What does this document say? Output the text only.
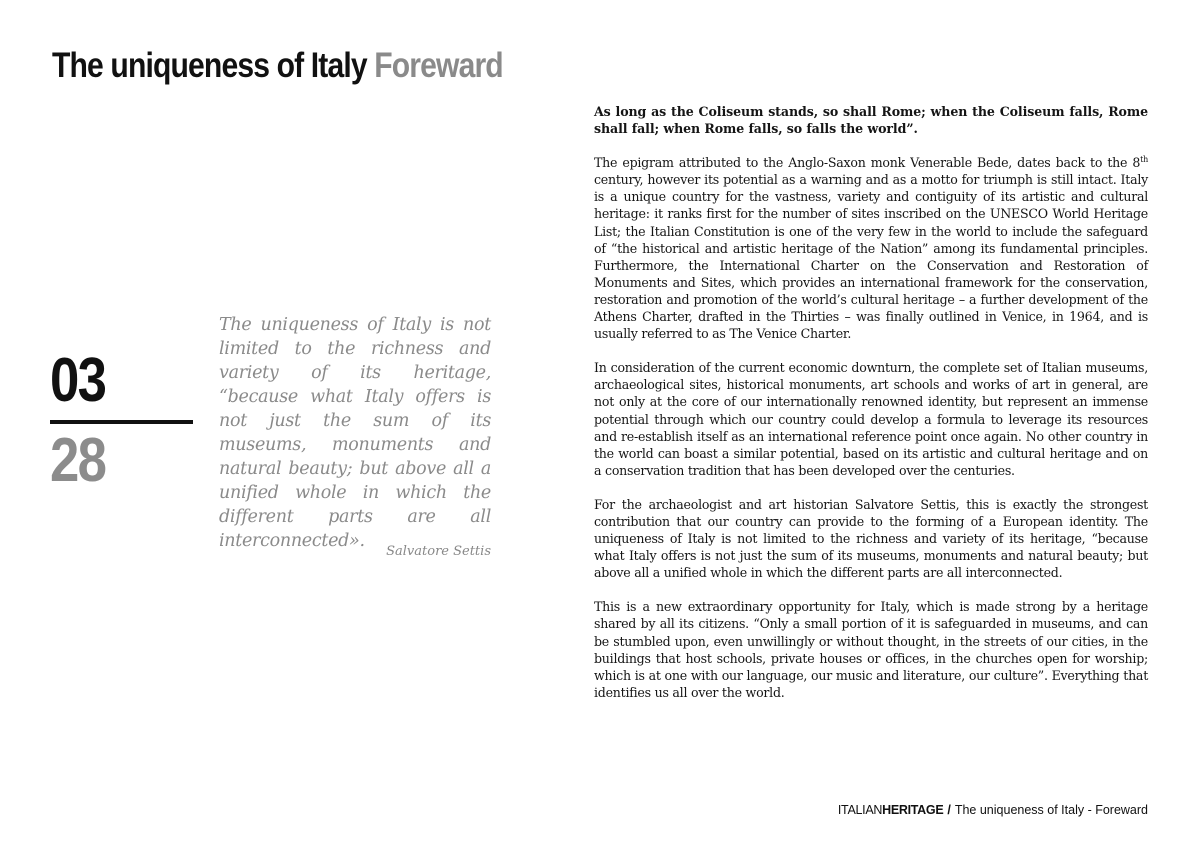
The uniqueness of Italy Foreward
03
28
The uniqueness of Italy is not limited to the richness and variety of its heritage, “because what Italy offers is not just the sum of its museums, monuments and natural beauty; but above all a unified whole in which the different parts are all interconnected».
Salvatore Settis

As long as the Coliseum stands, so shall Rome; when the Coliseum falls, Rome shall fall; when Rome falls, so falls the world”.

The epigram attributed to the Anglo-Saxon monk Venerable Bede, dates back to the 8th century, however its potential as a warning and as a motto for triumph is still intact. Italy is a unique country for the vastness, variety and contiguity of its artistic and cultural heritage: it ranks first for the number of sites inscribed on the UNESCO World Heritage List; the Italian Constitution is one of the very few in the world to include the safeguard of “the historical and artistic heritage of the Nation” among its fundamental principles. Furthermore, the International Charter on the Conservation and Restoration of Monuments and Sites, which provides an international framework for the conservation, restoration and promotion of the world’s cultural heritage – a further development of the Athens Charter, drafted in the Thirties – was finally outlined in Venice, in 1964, and is usually referred to as The Venice Charter.

In consideration of the current economic downturn, the complete set of Italian museums, archaeological sites, historical monuments, art schools and works of art in general, are not only at the core of our internationally renowned identity, but represent an immense potential through which our country could develop a formula to leverage its resources and re-establish itself as an international reference point once again. No other country in the world can boast a similar potential, based on its artistic and cultural heritage and on a conservation tradition that has been developed over the centuries.

For the archaeologist and art historian Salvatore Settis, this is exactly the strongest contribution that our country can provide to the forming of a European identity. The uniqueness of Italy is not limited to the richness and variety of its heritage, “because what Italy offers is not just the sum of its museums, monuments and natural beauty; but above all a unified whole in which the different parts are all interconnected.

This is a new extraordinary opportunity for Italy, which is made strong by a heritage shared by all its citizens. “Only a small portion of it is safeguarded in museums, and can be stumbled upon, even unwillingly or without thought, in the streets of our cities, in the buildings that host schools, private houses or offices, in the churches open for worship; which is at one with our language, our music and literature, our culture”. Everything that identifies us all over the world.

ITALIANHERITAGE / The uniqueness of Italy - Foreward
